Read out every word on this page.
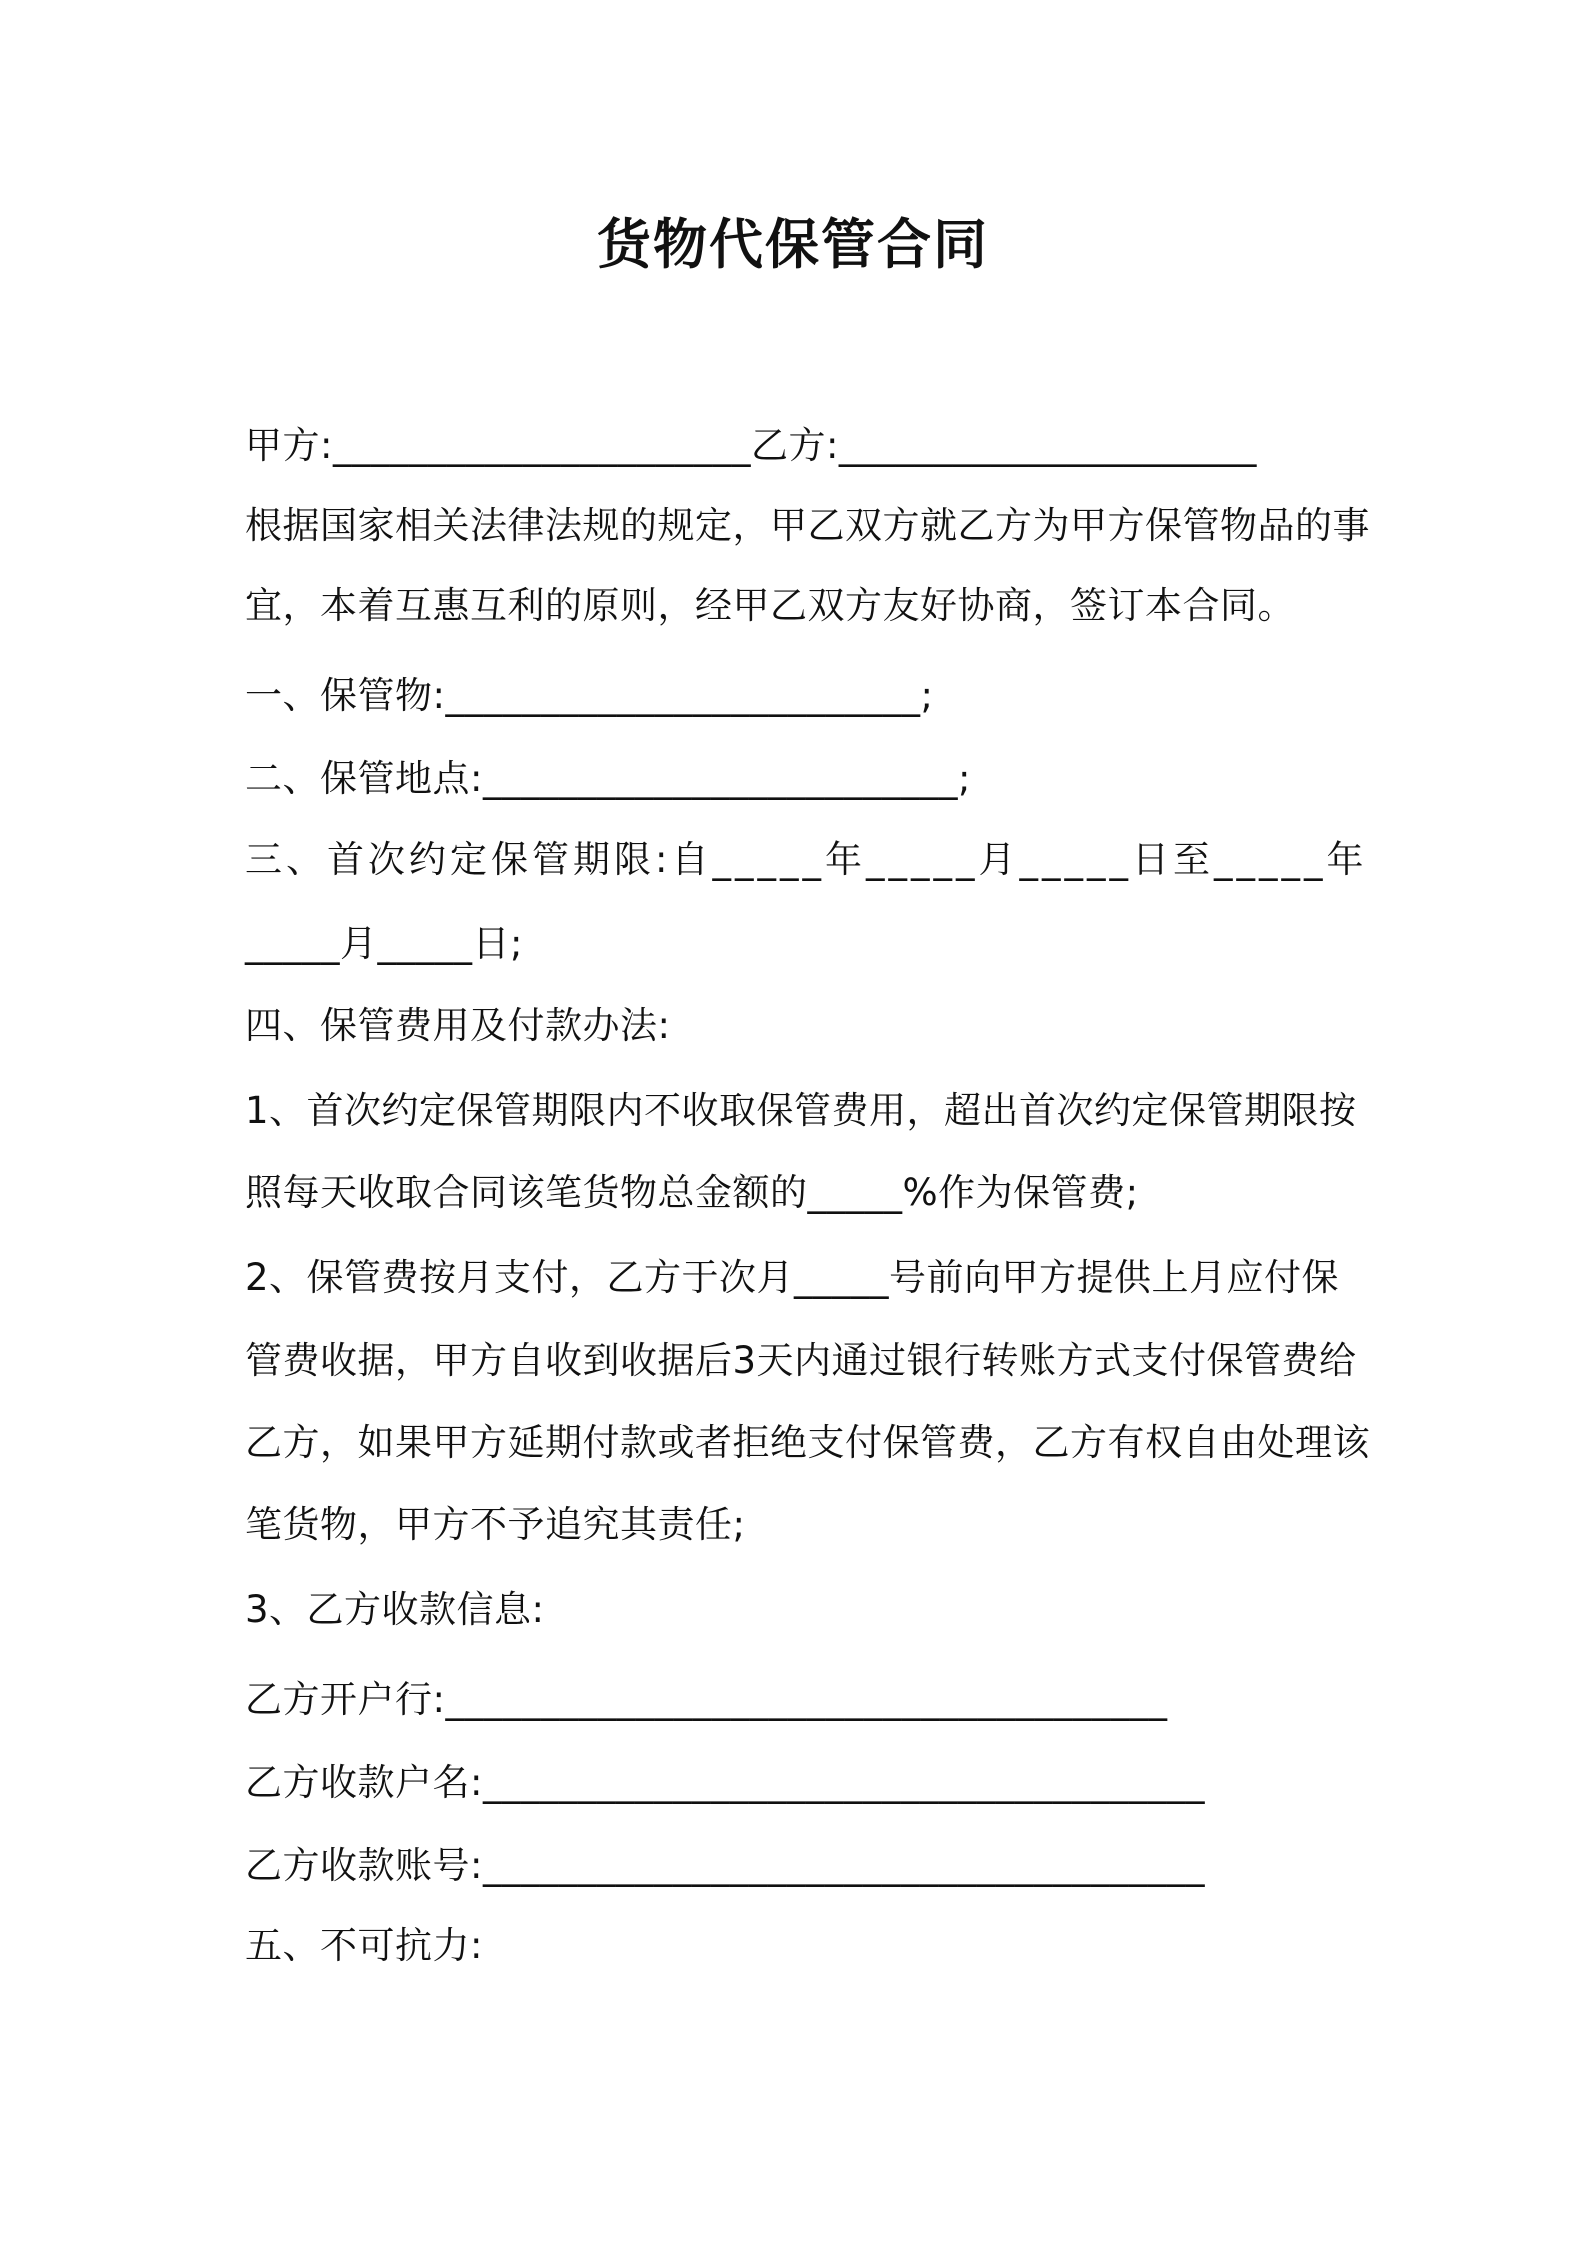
货物代保管合同
甲方:______________________乙方:______________________
根据国家相关法律法规的规定，甲乙双方就乙方为甲方保管物品的事
宜，本着互惠互利的原则，经甲乙双方友好协商，签订本合同。
一、保管物:_________________________;
二、保管地点:_________________________;
三、首次约定保管期限:自_____年_____月_____日至_____年
_____月_____日;
四、保管费用及付款办法:
1、首次约定保管期限内不收取保管费用，超出首次约定保管期限按
照每天收取合同该笔货物总金额的_____%作为保管费;
2、保管费按月支付，乙方于次月_____号前向甲方提供上月应付保
管费收据，甲方自收到收据后3天内通过银行转账方式支付保管费给
乙方，如果甲方延期付款或者拒绝支付保管费，乙方有权自由处理该
笔货物，甲方不予追究其责任;
3、乙方收款信息:
乙方开户行:______________________________________
乙方收款户名:______________________________________
乙方收款账号:______________________________________
五、不可抗力:
